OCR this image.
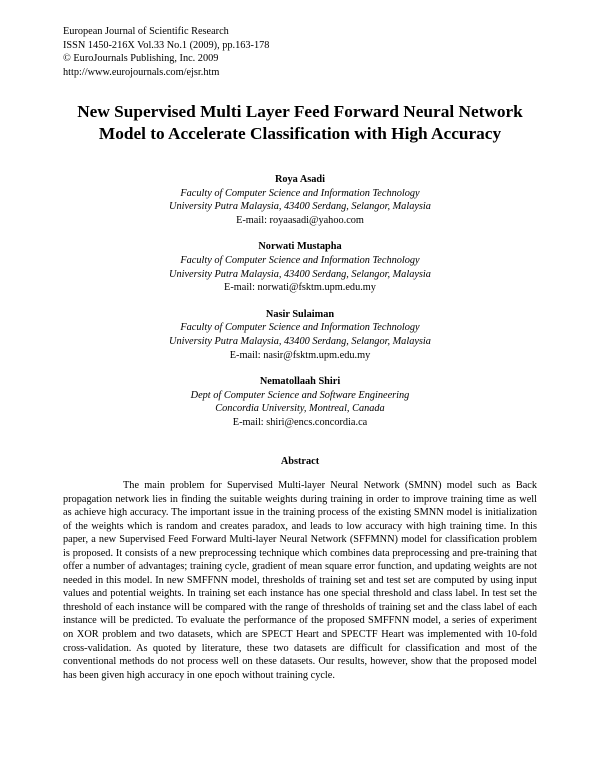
European Journal of Scientific Research
ISSN 1450-216X Vol.33 No.1 (2009), pp.163-178
© EuroJournals Publishing, Inc. 2009
http://www.eurojournals.com/ejsr.htm
New Supervised Multi Layer Feed Forward Neural Network
Model to Accelerate Classification with High Accuracy
Roya Asadi
Faculty of Computer Science and Information Technology
University Putra Malaysia, 43400 Serdang, Selangor, Malaysia
E-mail: royaasadi@yahoo.com
Norwati Mustapha
Faculty of Computer Science and Information Technology
University Putra Malaysia, 43400 Serdang, Selangor, Malaysia
E-mail: norwati@fsktm.upm.edu.my
Nasir Sulaiman
Faculty of Computer Science and Information Technology
University Putra Malaysia, 43400 Serdang, Selangor, Malaysia
E-mail: nasir@fsktm.upm.edu.my
Nematollaah Shiri
Dept of Computer Science and Software Engineering
Concordia University, Montreal, Canada
E-mail: shiri@encs.concordia.ca
Abstract

The main problem for Supervised Multi-layer Neural Network (SMNN) model such as Back propagation network lies in finding the suitable weights during training in order to improve training time as well as achieve high accuracy. The important issue in the training process of the existing SMNN model is initialization of the weights which is random and creates paradox, and leads to low accuracy with high training time. In this paper, a new Supervised Feed Forward Multi-layer Neural Network (SFFMNN) model for classification problem is proposed. It consists of a new preprocessing technique which combines data preprocessing and pre-training that offer a number of advantages; training cycle, gradient of mean square error function, and updating weights are not needed in this model. In new SMFFNN model, thresholds of training set and test set are computed by using input values and potential weights. In training set each instance has one special threshold and class label. In test set the threshold of each instance will be compared with the range of thresholds of training set and the class label of each instance will be predicted. To evaluate the performance of the proposed SMFFNN model, a series of experiment on XOR problem and two datasets, which are SPECT Heart and SPECTF Heart was implemented with 10-fold cross-validation. As quoted by literature, these two datasets are difficult for classification and most of the conventional methods do not process well on these datasets. Our results, however, show that the proposed model has been given high accuracy in one epoch without training cycle.
